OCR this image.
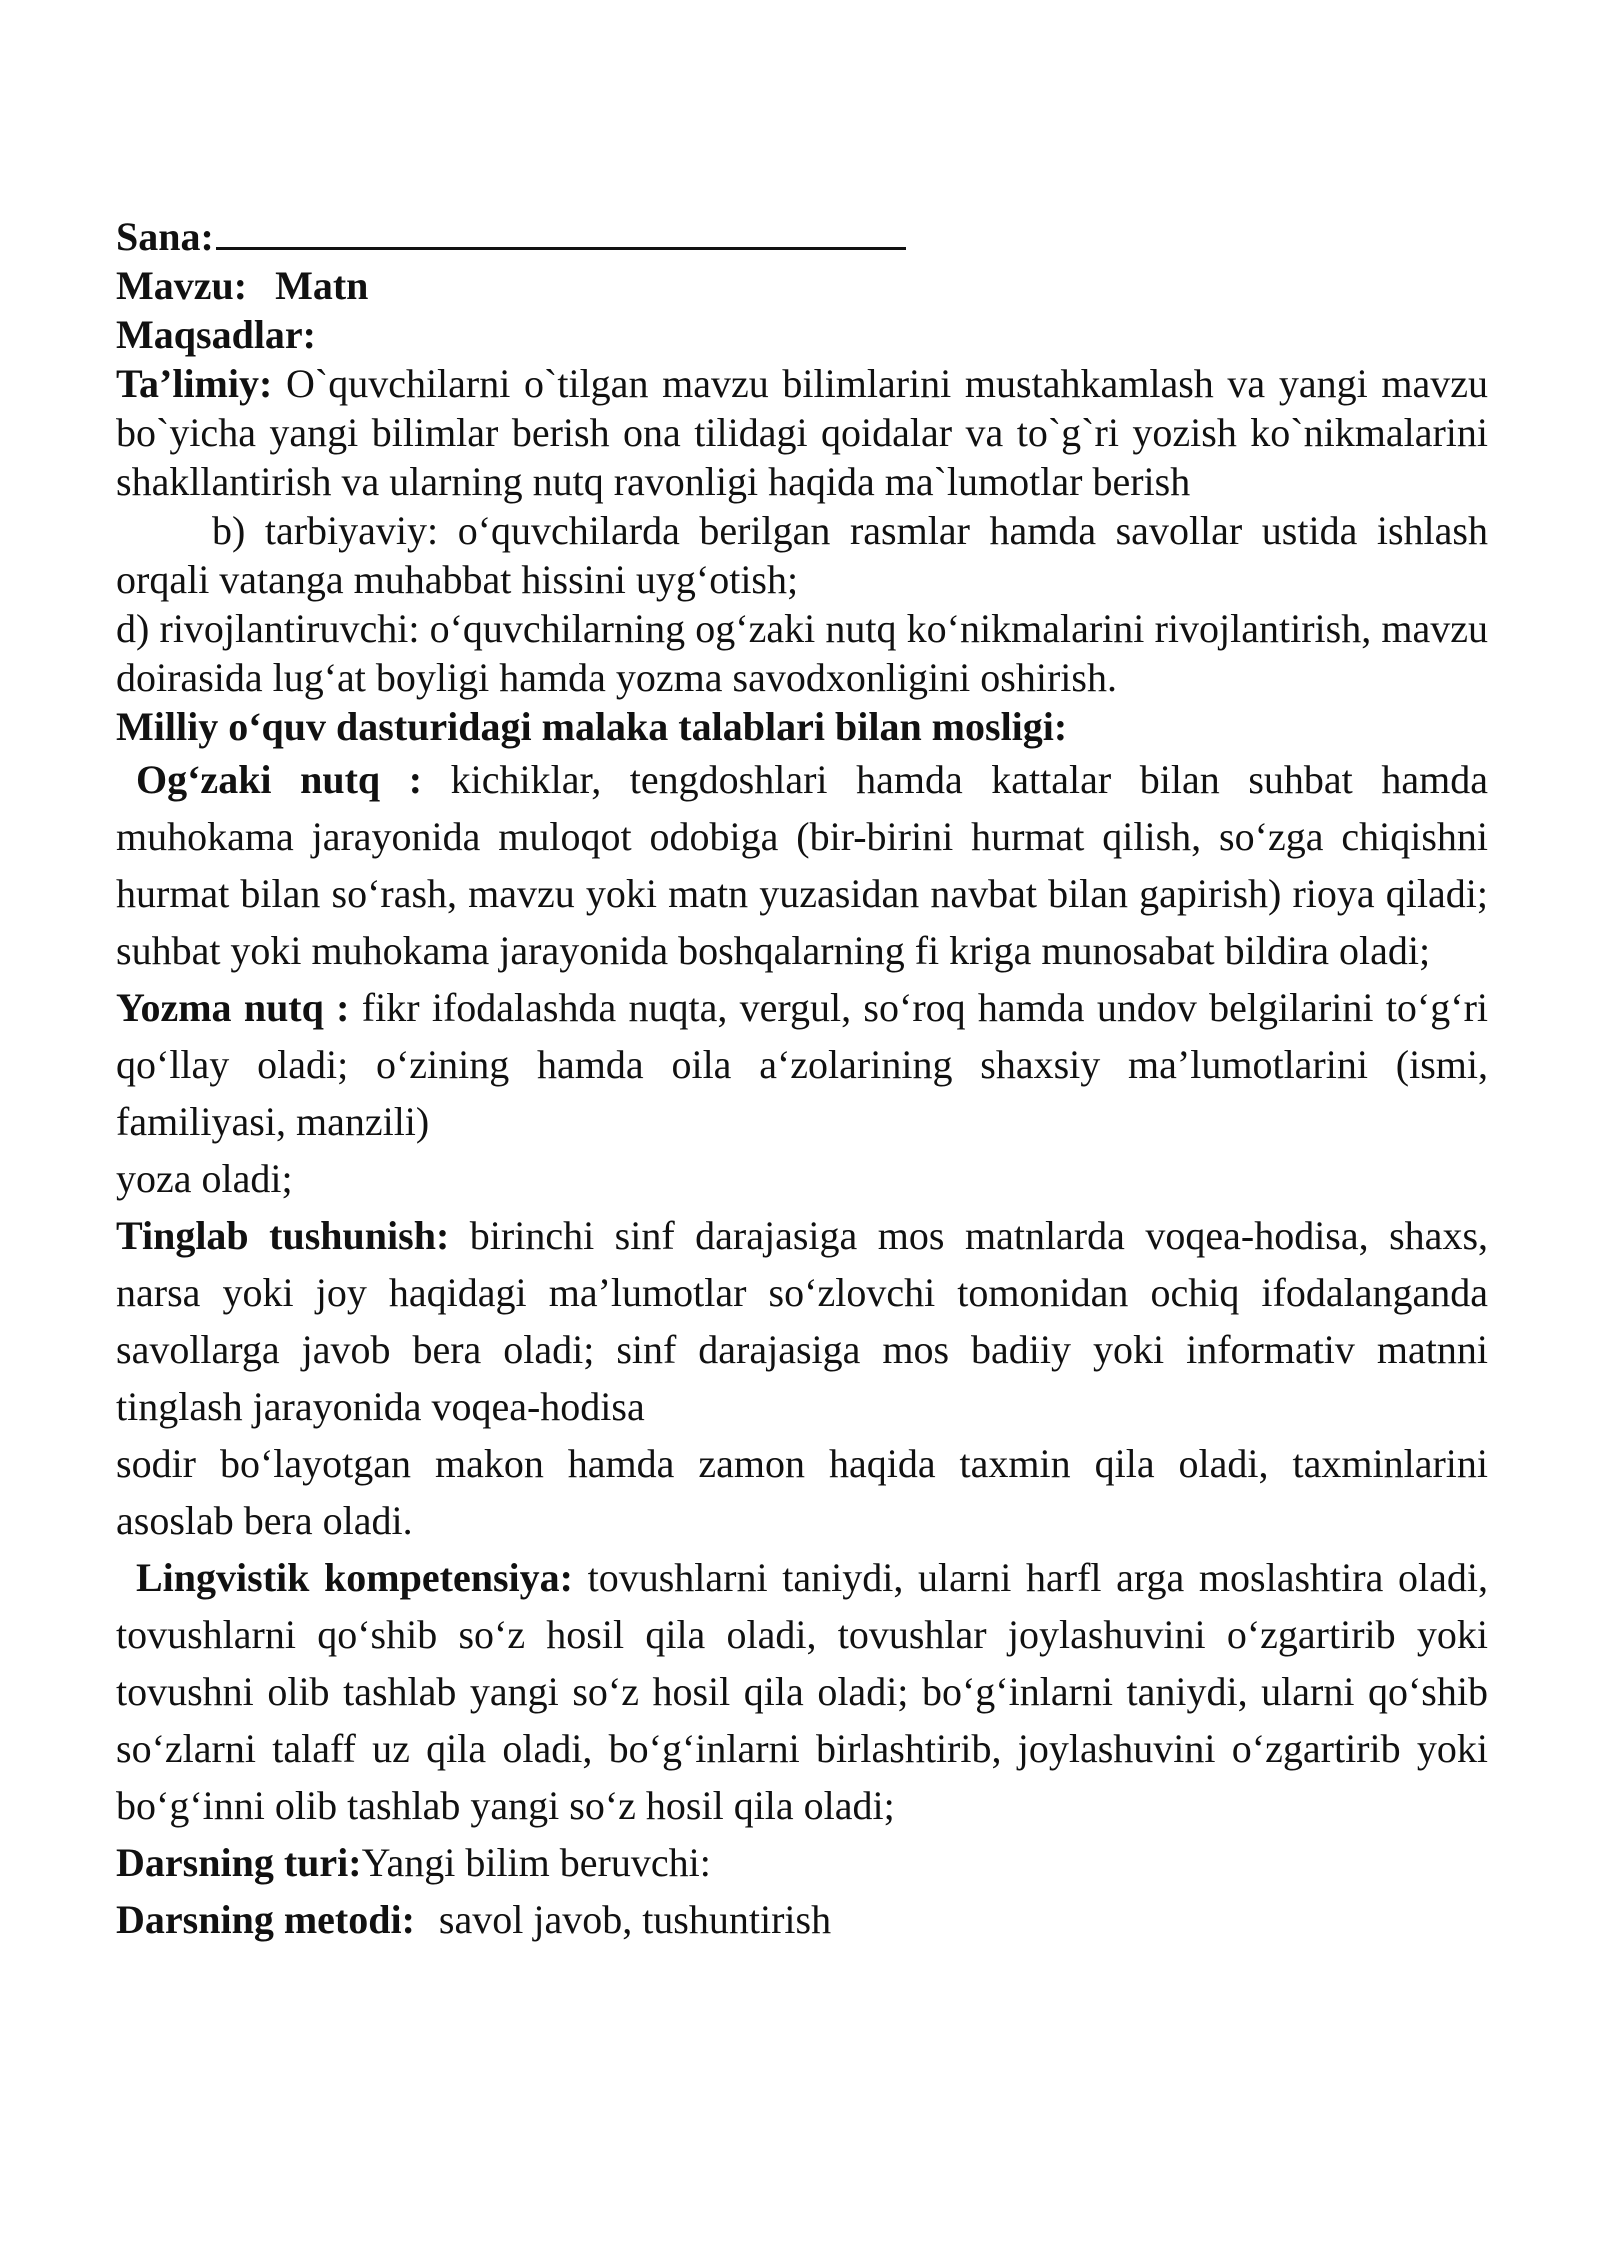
Sana:
Mavzu: Matn
Maqsadlar:
Ta’limiy: O`quvchilarni o`tilgan mavzu bilimlarini mustahkamlash va yangi mavzu bo`yicha yangi bilimlar berish ona tilidagi qoidalar va to`g`ri yozish ko`nikmalarini shakllantirish va ularning nutq ravonligi haqida ma`lumotlar berish
b) tarbiyaviy: o‘quvchilarda berilgan rasmlar hamda savollar ustida ishlash orqali vatanga muhabbat hissini uyg‘otish;
d) rivojlantiruvchi: o‘quvchilarning og‘zaki nutq ko‘nikmalarini rivojlantirish, mavzu doirasida lug‘at boyligi hamda yozma savodxonligini oshirish.
Milliy o‘quv dasturidagi malaka talablari bilan mosligi:
Og‘zaki nutq : kichiklar, tengdoshlari hamda kattalar bilan suhbat hamda muhokama jarayonida muloqot odobiga (bir-birini hurmat qilish, so‘zga chiqishni hurmat bilan so‘rash, mavzu yoki matn yuzasidan navbat bilan gapirish) rioya qiladi; suhbat yoki muhokama jarayonida boshqalarning fi kriga munosabat bildira oladi;
Yozma nutq : fikr ifodalashda nuqta, vergul, so‘roq hamda undov belgilarini to‘g‘ri qo‘llay oladi; o‘zining hamda oila a‘zolarining shaxsiy ma’lumotlarini (ismi, familiyasi, manzili)
yoza oladi;
Tinglab tushunish: birinchi sinf darajasiga mos matnlarda voqea-hodisa, shaxs, narsa yoki joy haqidagi ma’lumotlar so‘zlovchi tomonidan ochiq ifodalanganda savollarga javob bera oladi; sinf darajasiga mos badiiy yoki informativ matnni tinglash jarayonida voqea-hodisa
sodir bo‘layotgan makon hamda zamon haqida taxmin qila oladi, taxminlarini asoslab bera oladi.
Lingvistik kompetensiya: tovushlarni taniydi, ularni harfl arga moslashtira oladi, tovushlarni qo‘shib so‘z hosil qila oladi, tovushlar joylashuvini o‘zgartirib yoki tovushni olib tashlab yangi so‘z hosil qila oladi; bo‘g‘inlarni taniydi, ularni qo‘shib so‘zlarni talaff uz qila oladi, bo‘g‘inlarni birlashtirib, joylashuvini o‘zgartirib yoki bo‘g‘inni olib tashlab yangi so‘z hosil qila oladi;
Darsning turi:Yangi bilim beruvchi:
Darsning metodi: savol javob, tushuntirish
